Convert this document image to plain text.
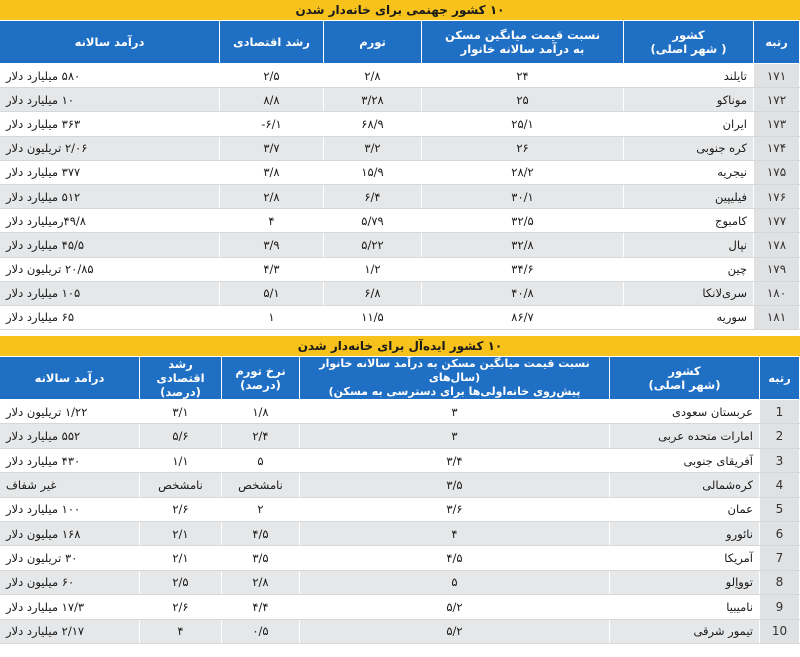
۱۰ کشور جهنمی برای خانه‌دار شدن
رتبه	کشور
( شهر اصلی)	نسبت قیمت میانگین مسکن
به درآمد سالانه خانوار	تورم	رشد اقتصادی	درآمد سالانه
۱۷۱	تایلند	۲۴	۲/۸	۲/۵	۵۸۰ میلیارد دلار
۱۷۲	موناکو	۲۵	۳/۲۸	۸/۸	۱۰ میلیارد دلار
۱۷۳	ایران	۲۵/۱	۶۸/۹	۶/۱-	۳۶۳ میلیارد دلار
۱۷۴	کره جنوبی	۲۶	۳/۲	۳/۷	۲/۰۶ تریلیون دلار
۱۷۵	نیجریه	۲۸/۲	۱۵/۹	۳/۸	۳۷۷ میلیارد دلار
۱۷۶	فیلیپین	۳۰/۱	۶/۴	۲/۸	۵۱۲ میلیارد دلار
۱۷۷	کامبوج	۳۲/۵	۵/۷۹	۴	۴۹/۸رمیلیارد دلار
۱۷۸	نپال	۳۲/۸	۵/۲۲	۳/۹	۴۵/۵ میلیارد دلار
۱۷۹	چین	۳۴/۶	۱/۲	۴/۳	۲۰/۸۵ تریلیون دلار
۱۸۰	سری‌لانکا	۴۰/۸	۶/۸	۵/۱	۱۰۵ میلیارد دلار
۱۸۱	سوریه	۸۶/۷	۱۱/۵	۱	۶۵ میلیارد دلار
۱۰ کشور ایده‌آل برای خانه‌دار شدن
رتبه	کشور
(شهر اصلی)	نسبت قیمت میانگین مسکن به درآمد سالانه خانوار (سال‌های
پیش‌روی خانه‌اولی‌ها برای دسترسی به مسکن)	نرخ تورم
(درصد)	رشد اقتصادی
(درصد)	درآمد سالانه
1	عربستان سعودی	۳	۱/۸	۳/۱	۱/۲۲ تریلیون دلار
2	امارات متحده عربی	۳	۲/۴	۵/۶	۵۵۲ میلیارد دلار
3	آفریقای جنوبی	۳/۴	۵	۱/۱	۴۳۰ میلیارد دلار
4	کره‌شمالی	۳/۵	نامشخص	نامشخص	غیر شفاف
5	عمان	۳/۶	۲	۲/۶	۱۰۰ میلیارد دلار
6	نائورو	۴	۴/۵	۲/۱	۱۶۸ میلیون دلار
7	آمریکا	۴/۵	۳/۵	۲/۱	۳۰ تریلیون دلار
8	توواِلو	۵	۲/۸	۲/۵	۶۰ میلیون دلار
9	نامیبیا	۵/۲	۴/۴	۲/۶	۱۷/۳ میلیارد دلار
10	تیمور شرقی	۵/۲	۰/۵	۴	۲/۱۷ میلیارد دلار
